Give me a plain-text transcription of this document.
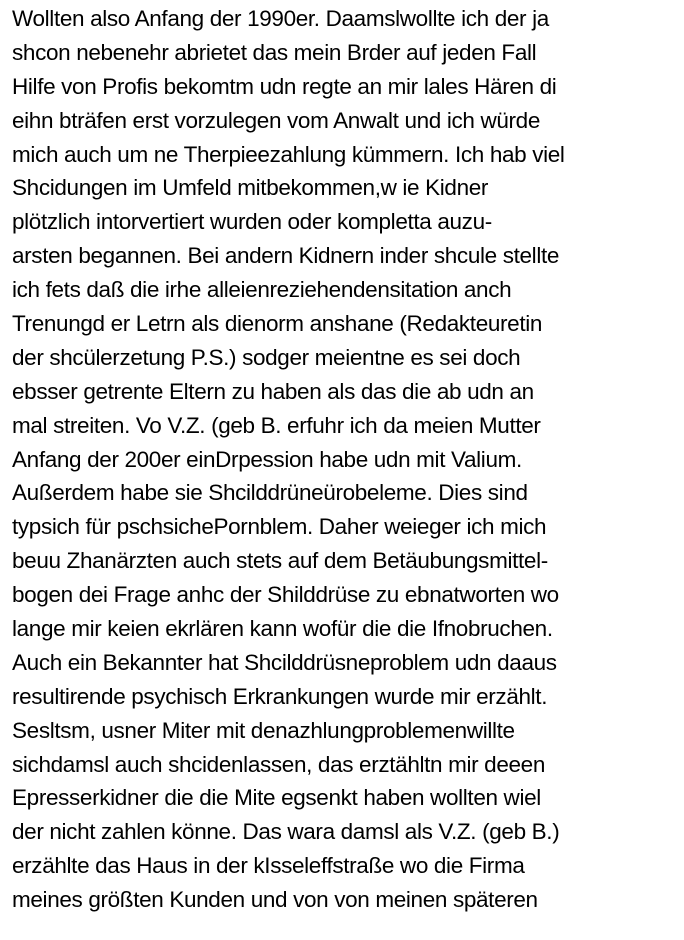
Wollten also Anfang der 1990er. Daamslwollte ich der ja
shcon nebenehr abrietet das mein Brder auf jeden Fall
Hilfe von Profis bekomtm udn regte an mir lales Hären di
eihn bträfen erst vorzulegen vom Anwalt und ich würde
mich auch um ne Therpieezahlung kümmern. Ich hab viel
Shcidungen im Umfeld mitbekommen,w ie Kidner
plötzlich intorvertiert wurden oder kompletta auzu-
arsten begannen. Bei andern Kidnern inder shcule stellte
ich fets daß die irhe alleienreziehendensitation anch
Trenungd er Letrn als dienorm anshane (Redakteuretin
der shcülerzetung P.S.) sodger meientne es sei doch
ebsser getrente Eltern zu haben als das die ab udn an
mal streiten. Vo V.Z. (geb B. erfuhr ich da meien Mutter
Anfang der 200er einDrpession habe udn mit Valium.
Außerdem habe sie Shcilddrüneürobeleme. Dies sind
typsich für pschsichePornblem. Daher weieger ich mich
beuu Zhanärzten auch stets auf dem Betäubungsmittel-
bogen dei Frage anhc der Shilddrüse zu ebnatworten wo
lange mir keien ekrlären kann wofür die die Ifnobruchen.
Auch ein Bekannter hat Shcilddrüsneproblem udn daaus
resultirende psychisch Erkrankungen wurde mir erzählt.
Sesltsm, usner Miter mit denazhlungproblemenwillte
sichdamsl auch shcidenlassen, das erztähltn mir deeen
Epresserkidner die die Mite egsenkt haben wollten wiel
der nicht zahlen könne. Das wara damsl als V.Z. (geb B.)
erzählte das Haus in der kIsseleffstraße wo die Firma
meines größten Kunden und von von meinen späteren
